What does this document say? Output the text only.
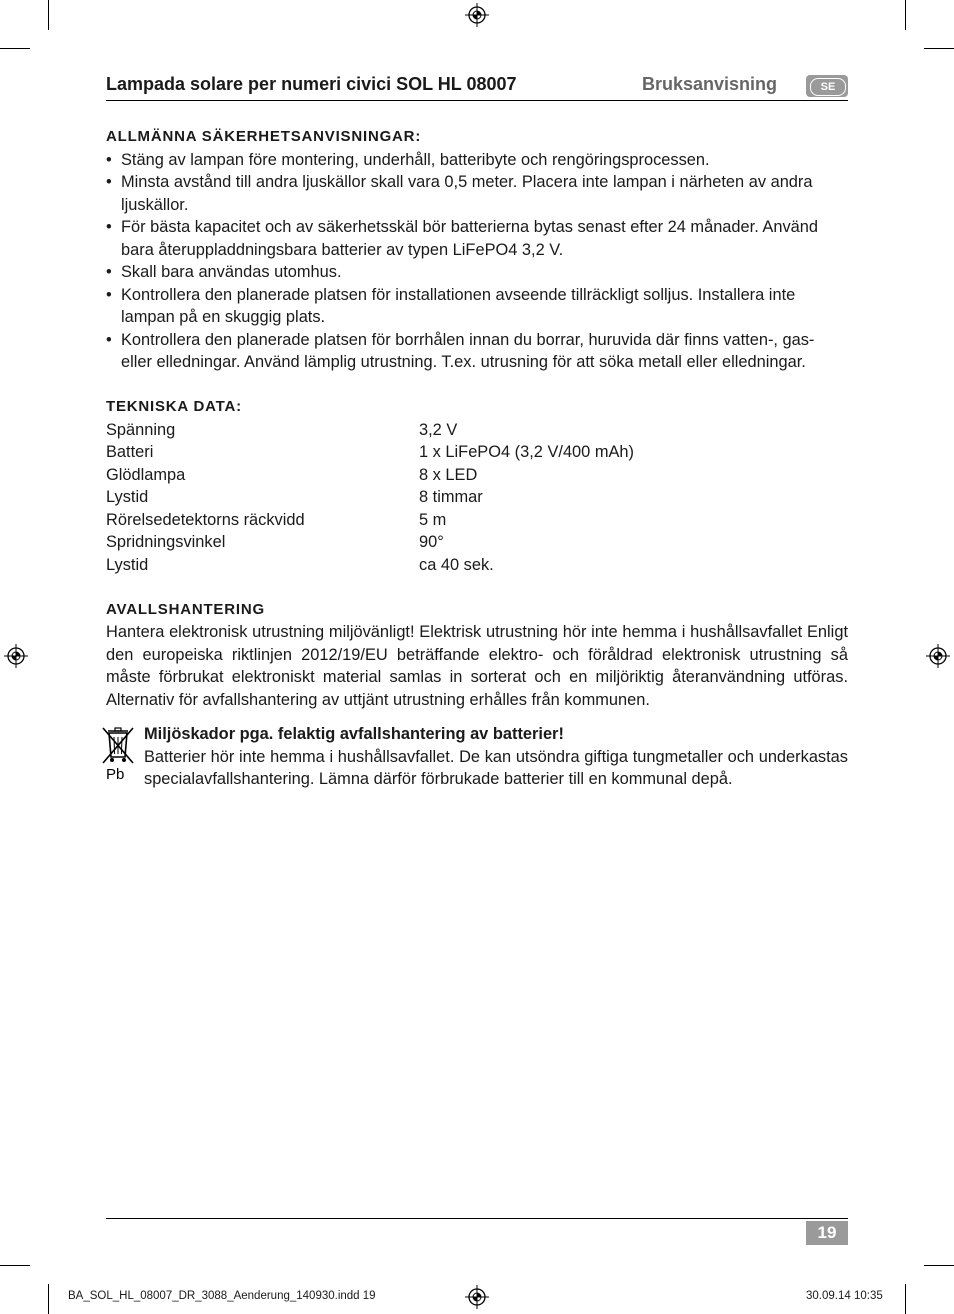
Lampada solare per numeri civici SOL HL 08007	Bruksanvisning	SE
ALLMÄNNA SÄKERHETSANVISNINGAR:
• Stäng av lampan före montering, underhåll, batteribyte och rengöringsprocessen.
• Minsta avstånd till andra ljuskällor skall vara 0,5 meter. Placera inte lampan i närheten av andra ljuskällor.
• För bästa kapacitet och av säkerhetsskäl bör batterierna bytas senast efter 24 månader. Använd bara återuppladdningsbara batterier av typen LiFePO4 3,2 V.
• Skall bara användas utomhus.
• Kontrollera den planerade platsen för installationen avseende tillräckligt solljus. Installera inte lampan på en skuggig plats.
• Kontrollera den planerade platsen för borrhålen innan du borrar, huruvida där finns vatten-, gas- eller elledningar. Använd lämplig utrustning. T.ex. utrusning för att söka metall eller elledningar.
TEKNISKA DATA:
Spänning	3,2 V
Batteri	1 x LiFePO4 (3,2 V/400 mAh)
Glödlampa	8 x LED
Lystid	8 timmar
Rörelsedetektorns räckvidd	5 m
Spridningsvinkel	90°
Lystid	ca 40 sek.
AVALLSHANTERING

Hantera elektronisk utrustning miljövänligt! Elektrisk utrustning hör inte hemma i hushållsavfallet Enligt den europeiska riktlinjen 2012/19/EU beträffande elektro- och föråldrad elektronisk utrustning så måste förbrukat elektroniskt material samlas in sorterat och en miljöriktig återanvändning utföras. Alternativ för avfallshantering av uttjänt utrustning erhålles från kommunen.

Pb
Miljöskador pga. felaktig avfallshantering av batterier!

Batterier hör inte hemma i hushållsavfallet. De kan utsöndra giftiga tungmetaller och underkastas specialavfallshantering. Lämna därför förbrukade batterier till en kommunal depå.

19
BA_SOL_HL_08007_DR_3088_Aenderung_140930.indd 19	30.09.14 10:35
